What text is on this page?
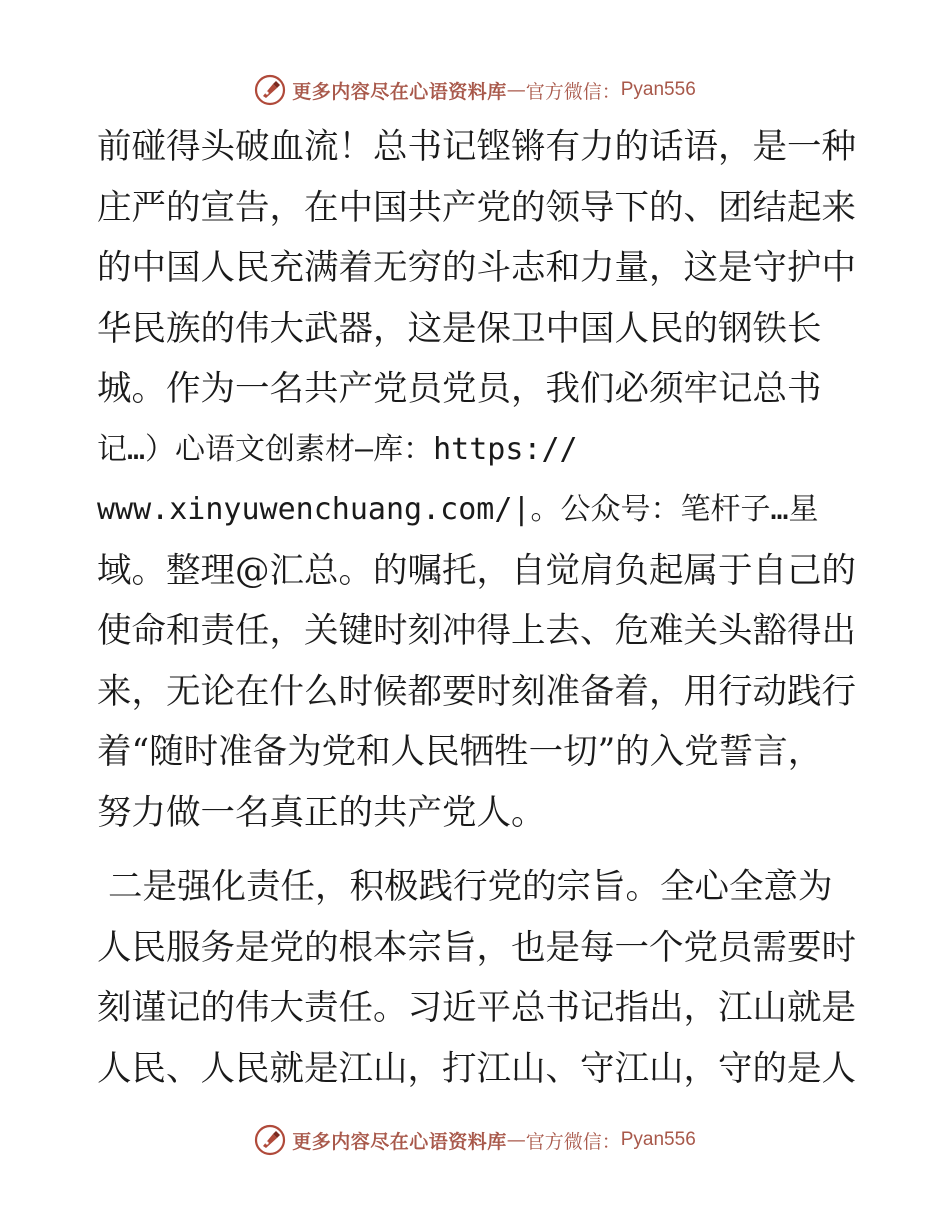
更多内容尽在心语资料库 — 官方微信： Pyan556
前碰得头破血流！总书记铿锵有力的话语，是一种
庄严的宣告，在中国共产党的领导下的、团结起来
的中国人民充满着无穷的斗志和力量，这是守护中
华民族的伟大武器，这是保卫中国人民的钢铁长
城。作为一名共产党员党员，我们必须牢记总书
记…）心语文创素材—库：https://
www.xinyuwenchuang.com/|。公众号：笔杆子…星
域。整理@汇总。的嘱托，自觉肩负起属于自己的
使命和责任，关键时刻冲得上去、危难关头豁得出
来，无论在什么时候都要时刻准备着，用行动践行
着“随时准备为党和人民牺牲一切”的入党誓言，
努力做一名真正的共产党人。
二是强化责任，积极践行党的宗旨。全心全意为
人民服务是党的根本宗旨，也是每一个党员需要时
刻谨记的伟大责任。习近平总书记指出，江山就是
人民、人民就是江山，打江山、守江山，守的是人
更多内容尽在心语资料库 — 官方微信： Pyan556
